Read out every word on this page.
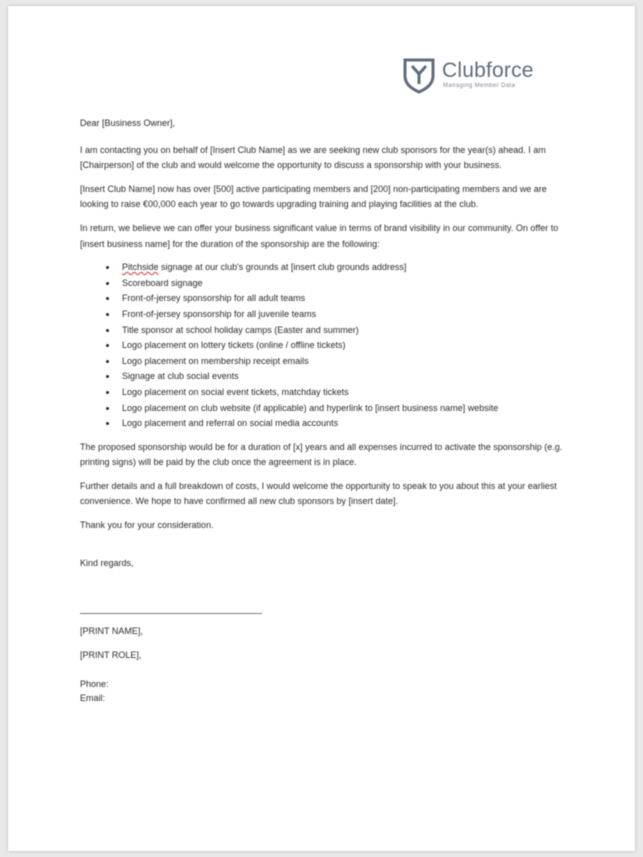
Clubforce
Managing Member Data

Dear [Business Owner],

I am contacting you on behalf of [Insert Club Name] as we are seeking new club sponsors for the year(s) ahead. I am [Chairperson] of the club and would welcome the opportunity to discuss a sponsorship with your business.

[Insert Club Name] now has over [500] active participating members and [200] non-participating members and we are looking to raise €00,000 each year to go towards upgrading training and playing facilities at the club.

In return, we believe we can offer your business significant value in terms of brand visibility in our community. On offer to [insert business name] for the duration of the sponsorship are the following:

• Pitchside signage at our club's grounds at [insert club grounds address]
• Scoreboard signage
• Front-of-jersey sponsorship for all adult teams
• Front-of-jersey sponsorship for all juvenile teams
• Title sponsor at school holiday camps (Easter and summer)
• Logo placement on lottery tickets (online / offline tickets)
• Logo placement on membership receipt emails
• Signage at club social events
• Logo placement on social event tickets, matchday tickets
• Logo placement on club website (if applicable) and hyperlink to [insert business name] website
• Logo placement and referral on social media accounts

The proposed sponsorship would be for a duration of [x] years and all expenses incurred to activate the sponsorship (e.g. printing signs) will be paid by the club once the agreement is in place.

Further details and a full breakdown of costs, I would welcome the opportunity to speak to you about this at your earliest convenience. We hope to have confirmed all new club sponsors by [insert date].

Thank you for your consideration.

Kind regards,

[PRINT NAME],

[PRINT ROLE],

Phone:
Email:
